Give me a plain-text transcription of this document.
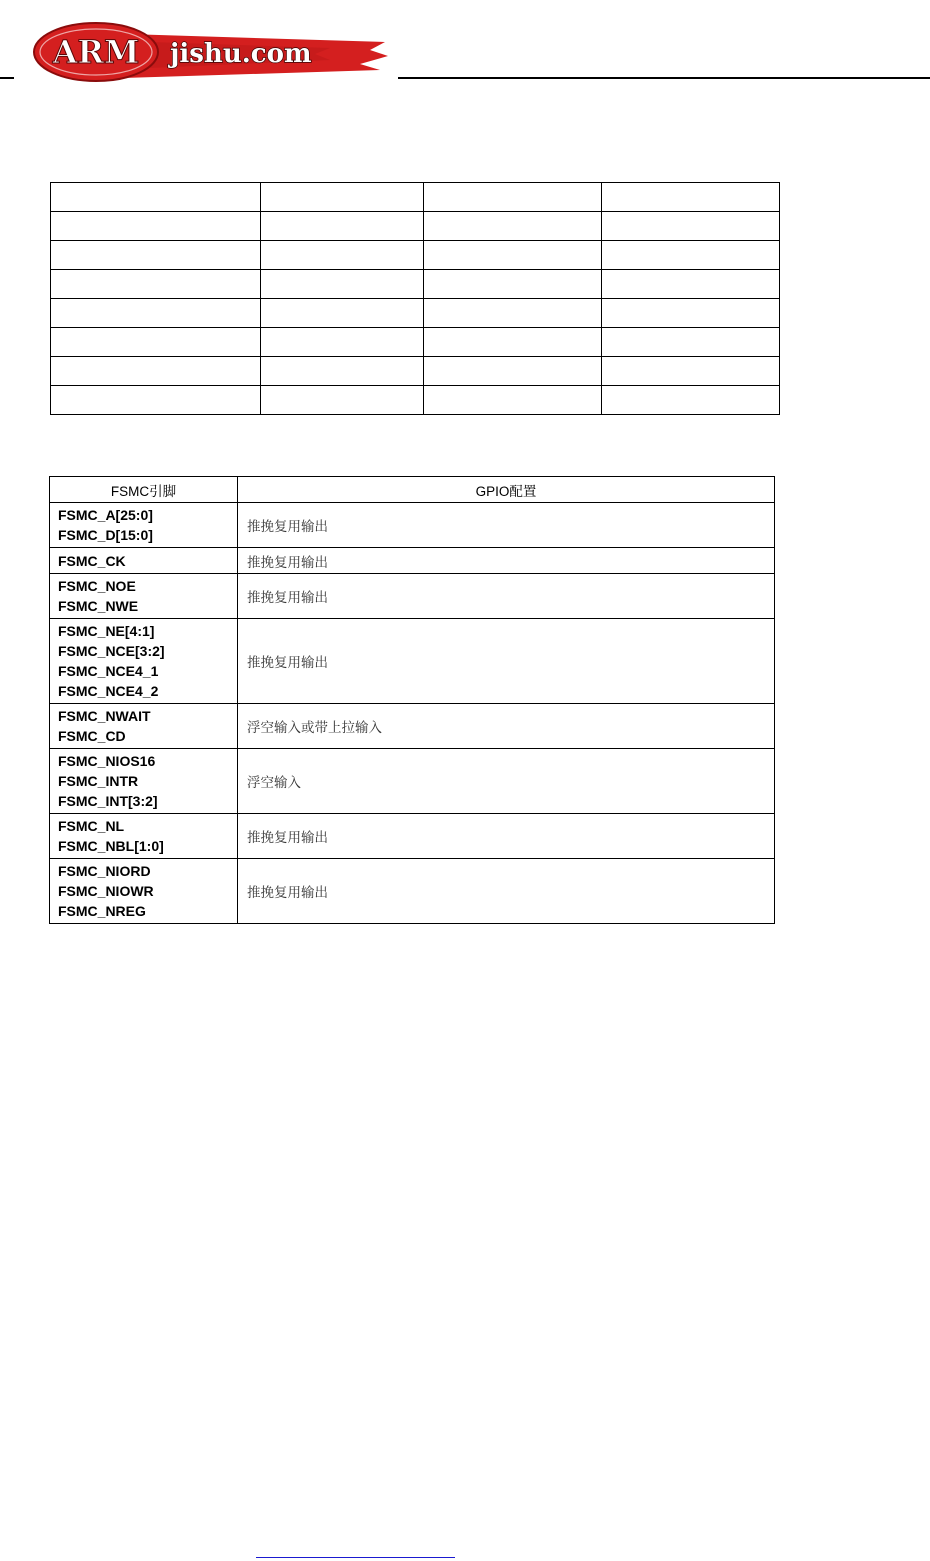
ARM jishu.com

FSMC引脚	GPIO配置

FSMC_A[25:0]
FSMC_D[15:0]	推挽复用输出

FSMC_CK	推挽复用输出

FSMC_NOE
FSMC_NWE	推挽复用输出

FSMC_NE[4:1]
FSMC_NCE[3:2]
FSMC_NCE4_1
FSMC_NCE4_2	推挽复用输出

FSMC_NWAIT
FSMC_CD	浮空输入或带上拉输入

FSMC_NIOS16
FSMC_INTR
FSMC_INT[3:2]	浮空输入

FSMC_NL
FSMC_NBL[1:0]	推挽复用输出

FSMC_NIORD
FSMC_NIOWR
FSMC_NREG	推挽复用输出
